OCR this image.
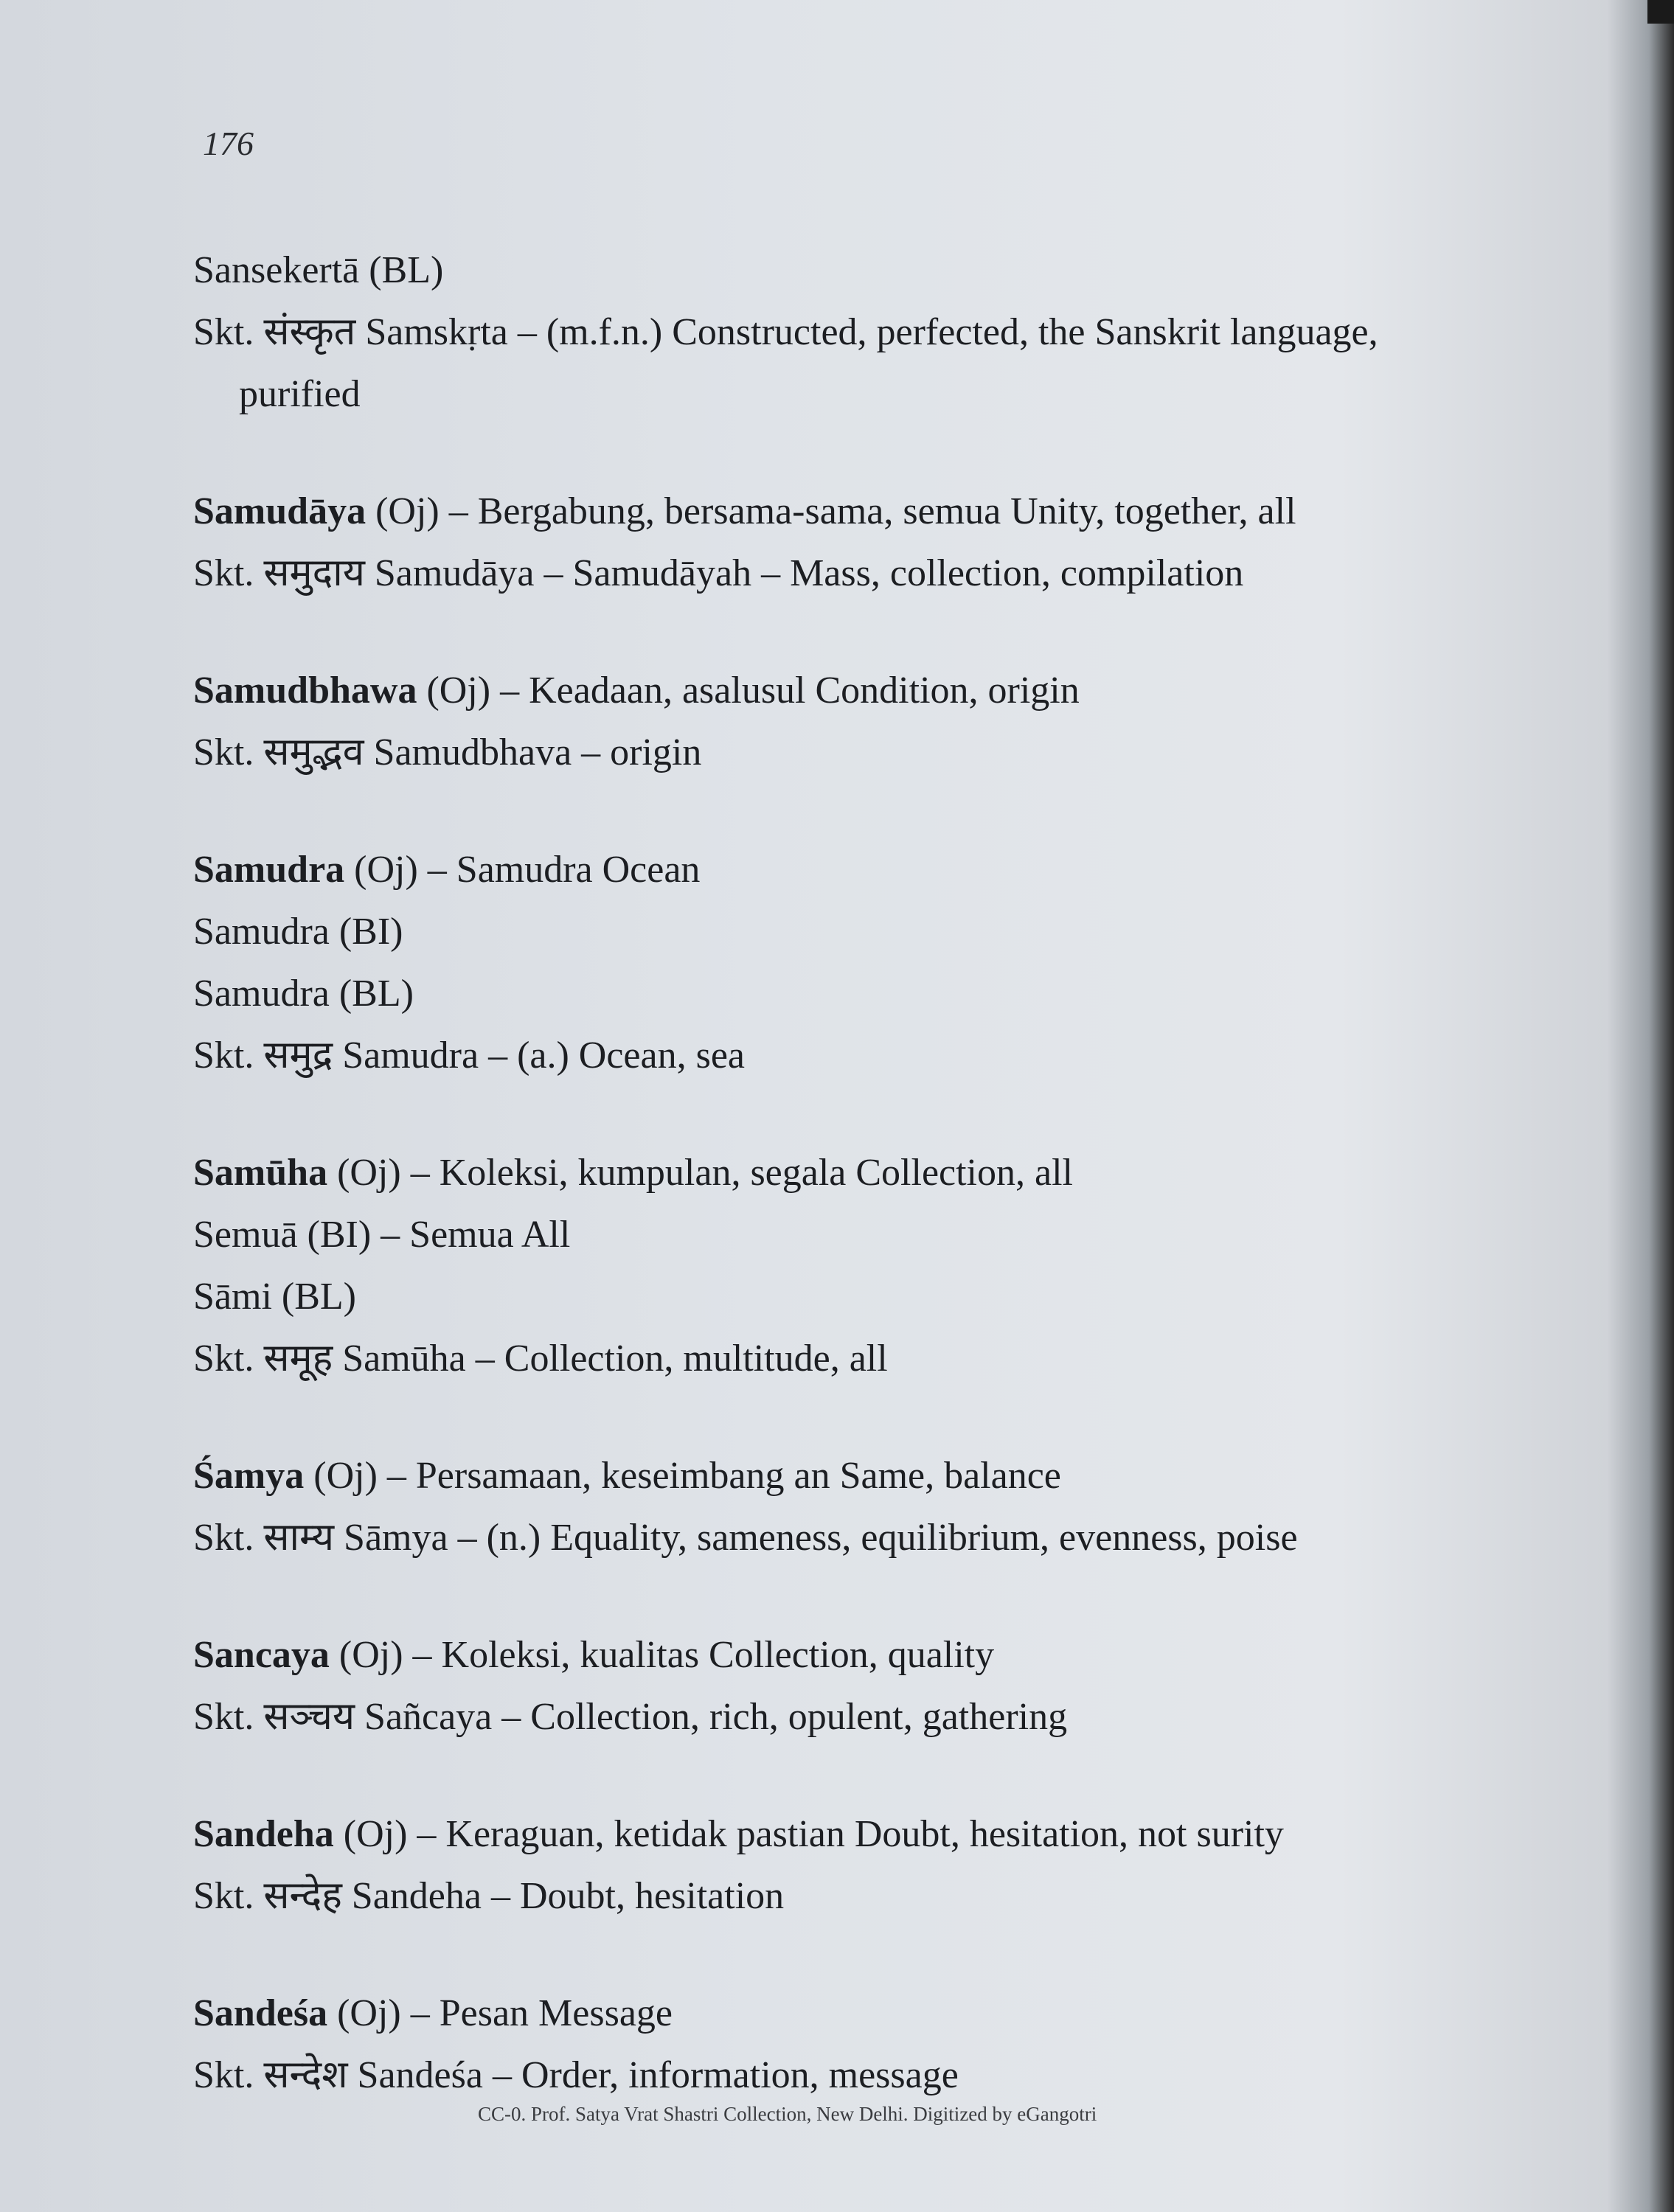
176
Sansekertā (BL)
Skt. संस्कृत Samskṛta – (m.f.n.) Constructed, perfected, the Sanskrit language,
purified
Samudāya (Oj) – Bergabung, bersama-sama, semua Unity, together, all
Skt. समुदाय Samudāya – Samudāyah – Mass, collection, compilation
Samudbhawa (Oj) – Keadaan, asalusul Condition, origin
Skt. समुद्भव Samudbhava – origin
Samudra (Oj) – Samudra Ocean
Samudra (BI)
Samudra (BL)
Skt. समुद्र Samudra – (a.) Ocean, sea
Samūha (Oj) – Koleksi, kumpulan, segala Collection, all
Semuā (BI) – Semua All
Sāmi (BL)
Skt. समूह Samūha – Collection, multitude, all
Śamya (Oj) – Persamaan, keseimbang an Same, balance
Skt. साम्य Sāmya – (n.) Equality, sameness, equilibrium, evenness, poise
Sancaya (Oj) – Koleksi, kualitas Collection, quality
Skt. सञ्चय Sañcaya – Collection, rich, opulent, gathering
Sandeha (Oj) – Keraguan, ketidak pastian Doubt, hesitation, not surity
Skt. सन्देह Sandeha – Doubt, hesitation
Sandeśa (Oj) – Pesan Message
Skt. सन्देश Sandeśa – Order, information, message
CC-0. Prof. Satya Vrat Shastri Collection, New Delhi. Digitized by eGangotri
